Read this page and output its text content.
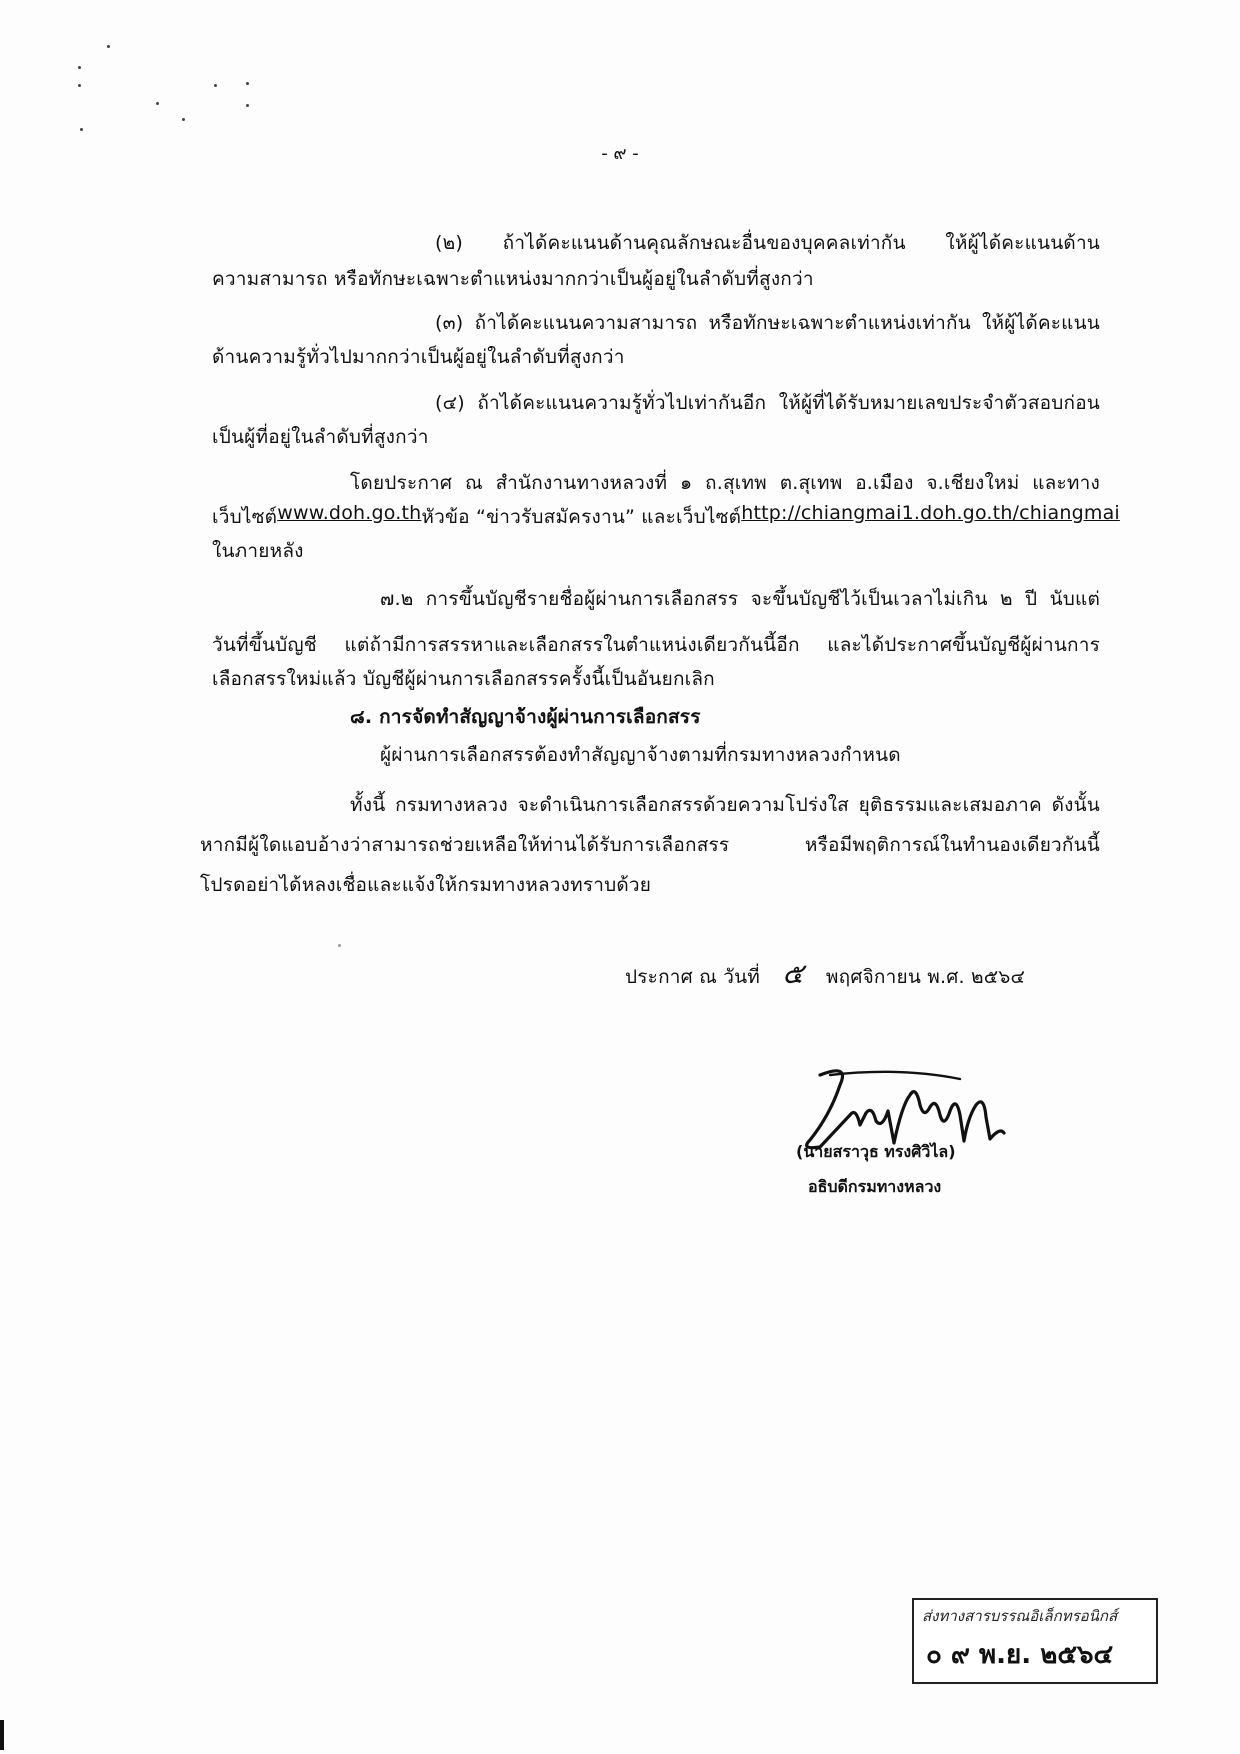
- ๙ -
(๒) ถ้าได้คะแนนด้านคุณลักษณะอื่นของบุคคลเท่ากัน ให้ผู้ได้คะแนนด้าน
ความสามารถ หรือทักษะเฉพาะตำแหน่งมากกว่าเป็นผู้อยู่ในลำดับที่สูงกว่า
(๓) ถ้าได้คะแนนความสามารถ หรือทักษะเฉพาะตำแหน่งเท่ากัน ให้ผู้ได้คะแนน
ด้านความรู้ทั่วไปมากกว่าเป็นผู้อยู่ในลำดับที่สูงกว่า
(๔) ถ้าได้คะแนนความรู้ทั่วไปเท่ากันอีก ให้ผู้ที่ได้รับหมายเลขประจำตัวสอบก่อน
เป็นผู้ที่อยู่ในลำดับที่สูงกว่า
โดยประกาศ ณ สำนักงานทางหลวงที่ ๑ ถ.สุเทพ ต.สุเทพ อ.เมือง จ.เชียงใหม่ และทาง
เว็บไซต์ www.doh.go.th หัวข้อ “ข่าวรับสมัครงาน” และเว็บไซต์ http://chiangmai1.doh.go.th/chiangmai
ในภายหลัง
๗.๒ การขึ้นบัญชีรายชื่อผู้ผ่านการเลือกสรร จะขึ้นบัญชีไว้เป็นเวลาไม่เกิน ๒ ปี นับแต่
วันที่ขึ้นบัญชี แต่ถ้ามีการสรรหาและเลือกสรรในตำแหน่งเดียวกันนี้อีก และได้ประกาศขึ้นบัญชีผู้ผ่านการ
เลือกสรรใหม่แล้ว บัญชีผู้ผ่านการเลือกสรรครั้งนี้เป็นอันยกเลิก
๘. การจัดทำสัญญาจ้างผู้ผ่านการเลือกสรร
ผู้ผ่านการเลือกสรรต้องทำสัญญาจ้างตามที่กรมทางหลวงกำหนด
ทั้งนี้ กรมทางหลวง จะดำเนินการเลือกสรรด้วยความโปร่งใส ยุติธรรมและเสมอภาค ดังนั้น
หากมีผู้ใดแอบอ้างว่าสามารถช่วยเหลือให้ท่านได้รับการเลือกสรร หรือมีพฤติการณ์ในทำนองเดียวกันนี้
โปรดอย่าได้หลงเชื่อและแจ้งให้กรมทางหลวงทราบด้วย
ประกาศ ณ วันที่ ๕ พฤศจิกายน พ.ศ. ๒๕๖๔
(นายสราวุธ ทรงศิวิไล)
อธิบดีกรมทางหลวง
ส่งทางสารบรรณอิเล็กทรอนิกส์
๐ ๙ พ.ย. ๒๕๖๔
